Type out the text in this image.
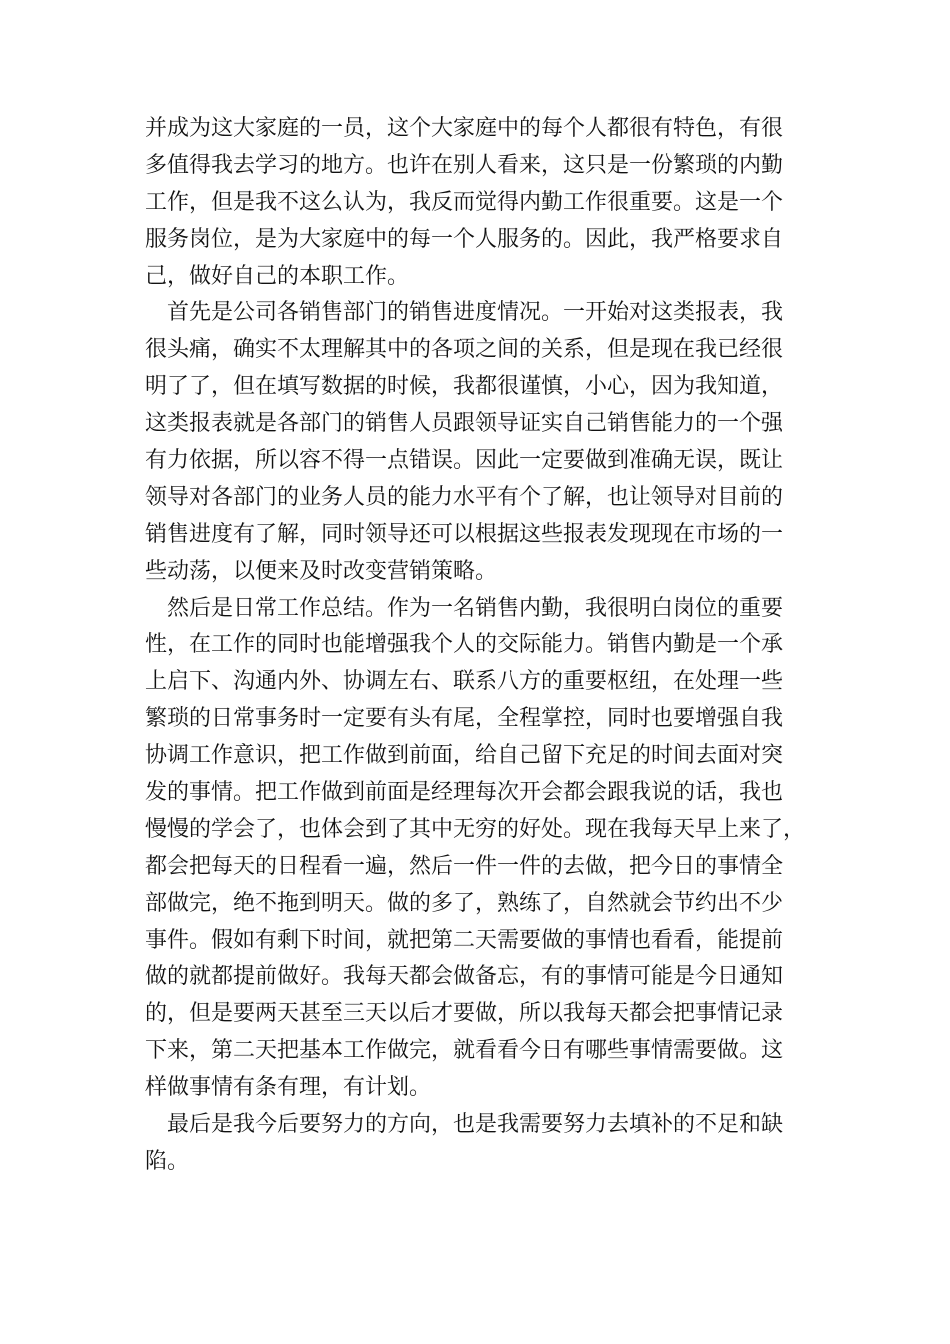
并成为这大家庭的一员，这个大家庭中的每个人都很有特色，有很
多值得我去学习的地方。也许在别人看来，这只是一份繁琐的内勤
工作，但是我不这么认为，我反而觉得内勤工作很重要。这是一个
服务岗位，是为大家庭中的每一个人服务的。因此，我严格要求自
己，做好自己的本职工作。
首先是公司各销售部门的销售进度情况。一开始对这类报表，我
很头痛，确实不太理解其中的各项之间的关系，但是现在我已经很
明了了，但在填写数据的时候，我都很谨慎，小心，因为我知道，
这类报表就是各部门的销售人员跟领导证实自己销售能力的一个强
有力依据，所以容不得一点错误。因此一定要做到准确无误，既让
领导对各部门的业务人员的能力水平有个了解，也让领导对目前的
销售进度有了解，同时领导还可以根据这些报表发现现在市场的一
些动荡，以便来及时改变营销策略。
然后是日常工作总结。作为一名销售内勤，我很明白岗位的重要
性，在工作的同时也能增强我个人的交际能力。销售内勤是一个承
上启下、沟通内外、协调左右、联系八方的重要枢纽，在处理一些
繁琐的日常事务时一定要有头有尾，全程掌控，同时也要增强自我
协调工作意识，把工作做到前面，给自己留下充足的时间去面对突
发的事情。把工作做到前面是经理每次开会都会跟我说的话，我也
慢慢的学会了，也体会到了其中无穷的好处。现在我每天早上来了，
都会把每天的日程看一遍，然后一件一件的去做，把今日的事情全
部做完，绝不拖到明天。做的多了，熟练了，自然就会节约出不少
事件。假如有剩下时间，就把第二天需要做的事情也看看，能提前
做的就都提前做好。我每天都会做备忘，有的事情可能是今日通知
的，但是要两天甚至三天以后才要做，所以我每天都会把事情记录
下来，第二天把基本工作做完，就看看今日有哪些事情需要做。这
样做事情有条有理，有计划。
最后是我今后要努力的方向，也是我需要努力去填补的不足和缺
陷。
